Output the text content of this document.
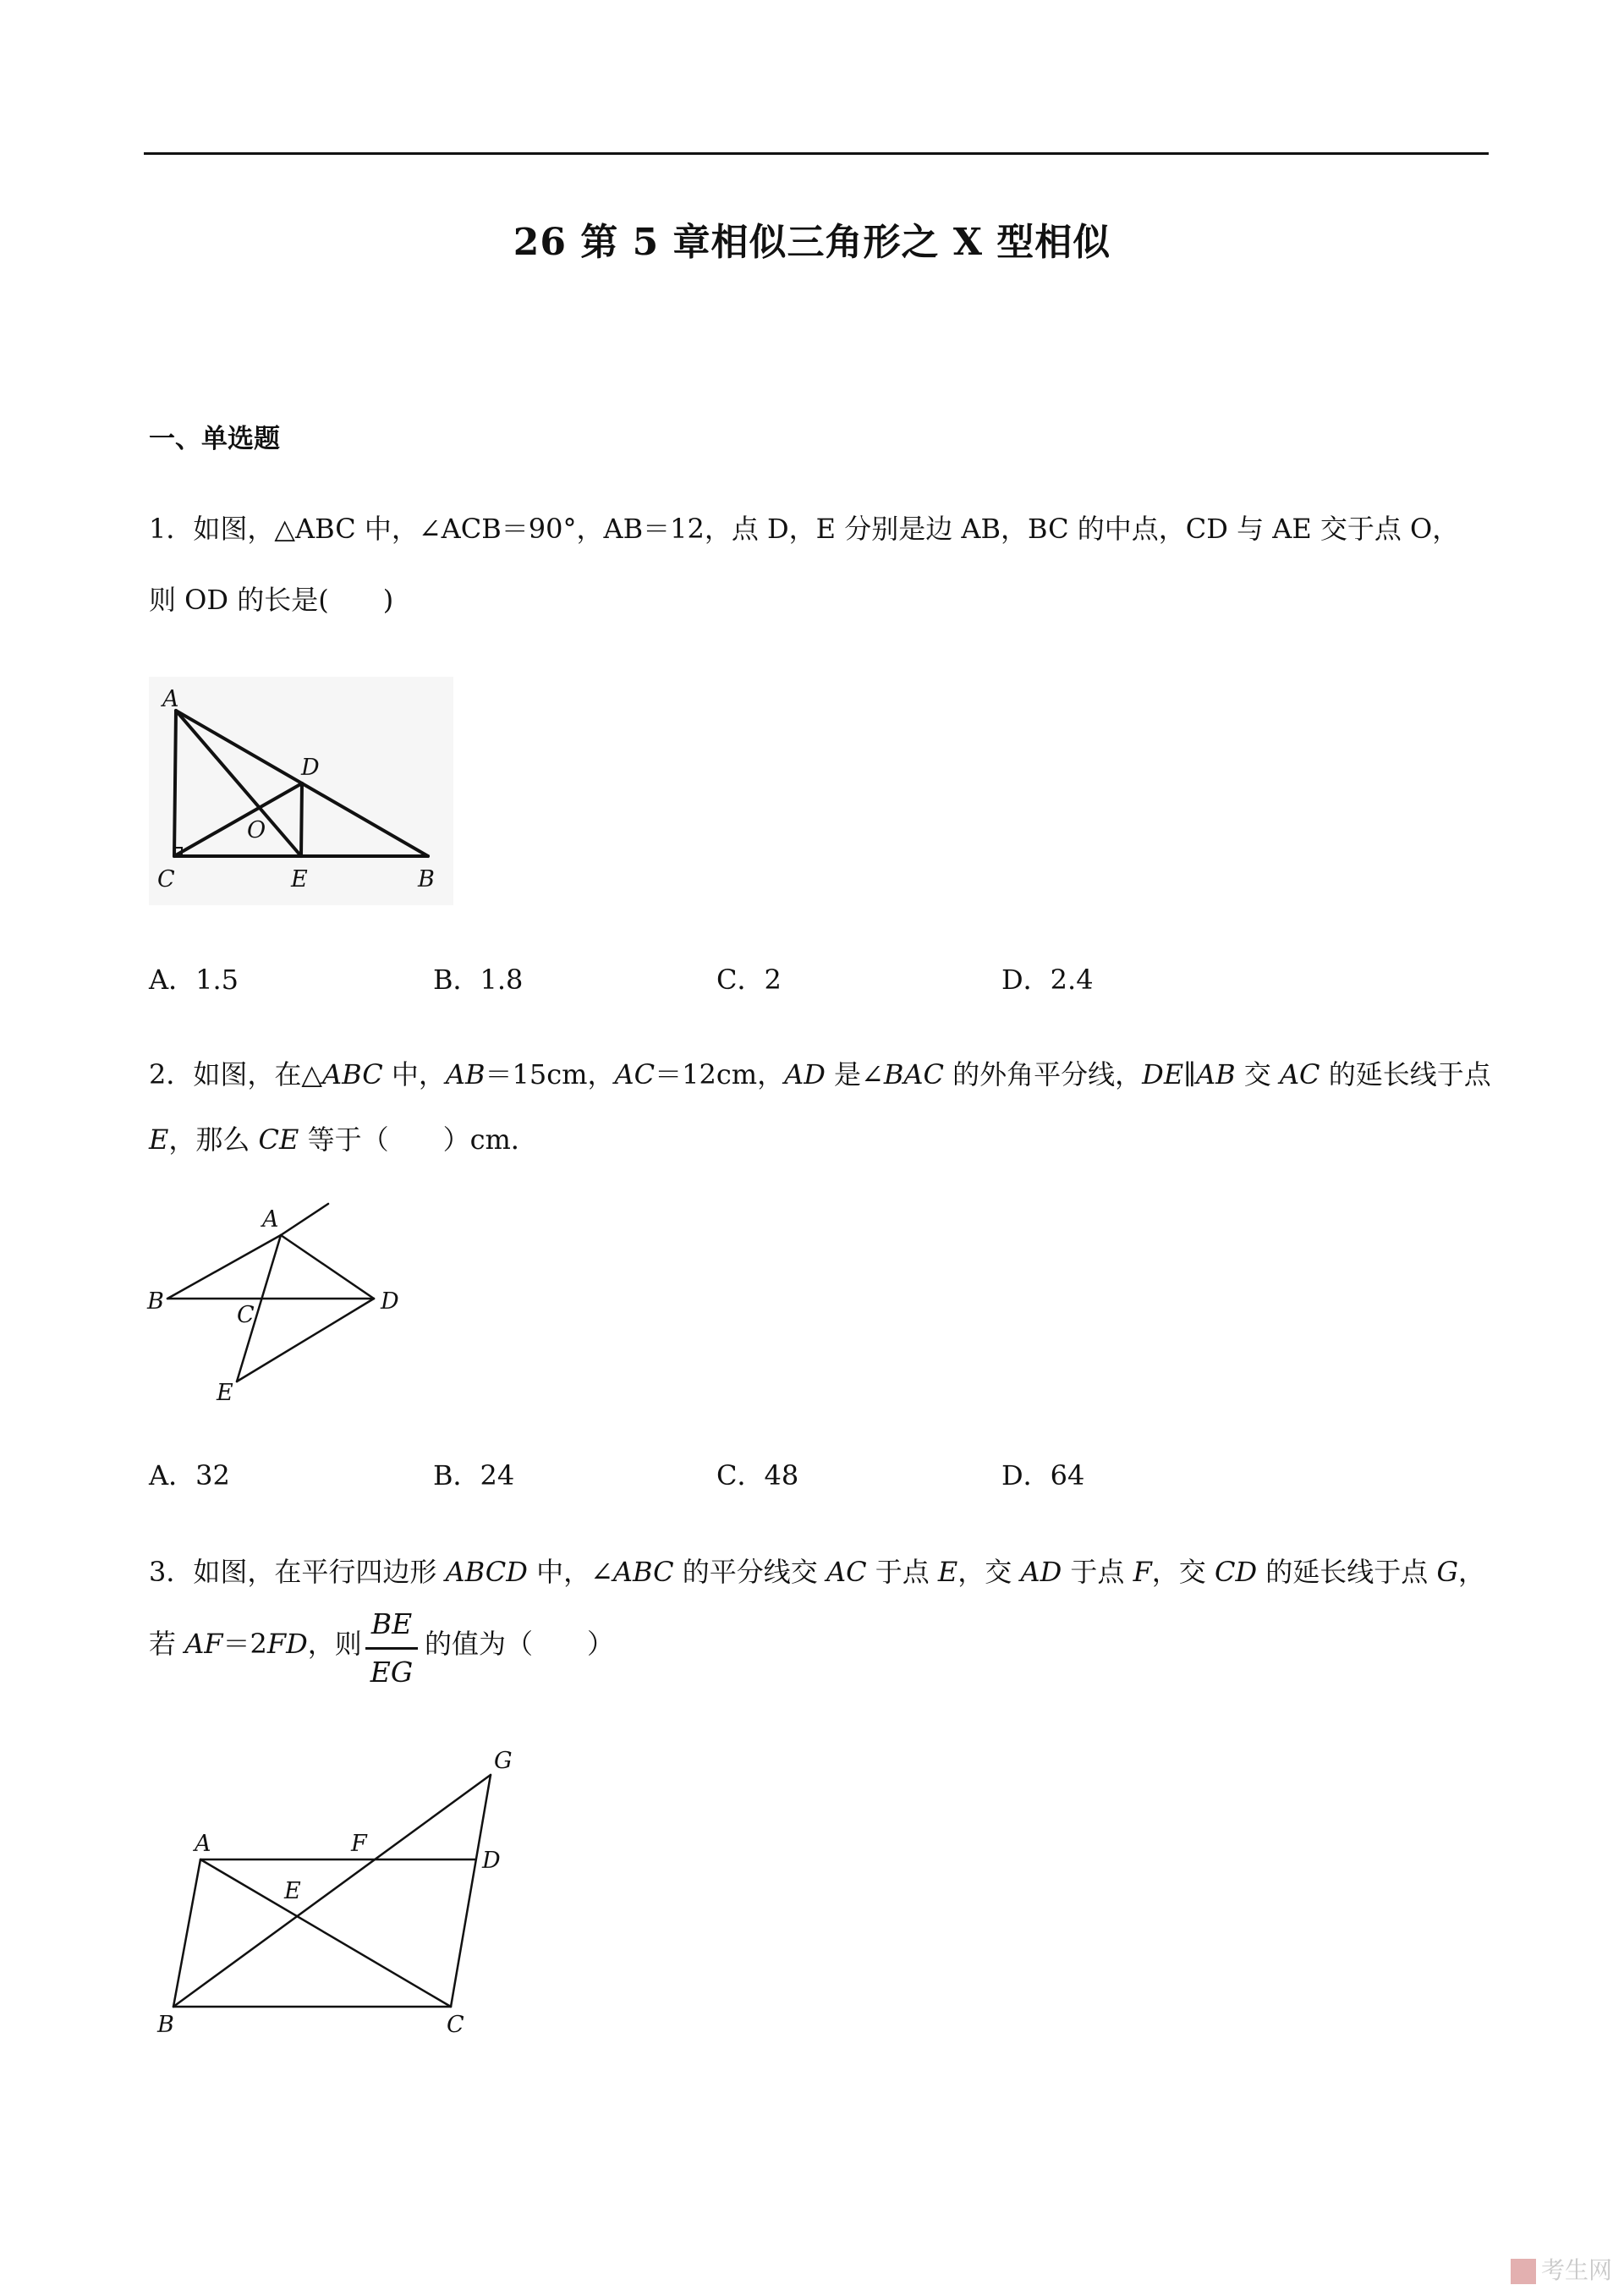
26 第 5 章相似三角形之 X 型相似
一、单选题
1．如图，△ABC 中，∠ACB＝90°，AB＝12，点 D，E 分别是边 AB，BC 的中点，CD 与 AE 交于点 O，
则 OD 的长是(　　)
A
D
O
C	E	B
A．1.5	B．1.8	C．2	D．2.4
2．如图，在△ABC 中，AB＝15cm，AC＝12cm，AD 是∠BAC 的外角平分线，DE∥AB 交 AC 的延长线于点
E，那么 CE 等于（　　）cm．
A
B
C
D
E
A．32	B．24	C．48	D．64
3．如图，在平行四边形 ABCD 中，∠ABC 的平分线交 AC 于点 E，交 AD 于点 F，交 CD 的延长线于点 G，
若 AF＝2FD，则
BE
EG
的值为（　　）
G
A	F
D
E
B	C
考生网
